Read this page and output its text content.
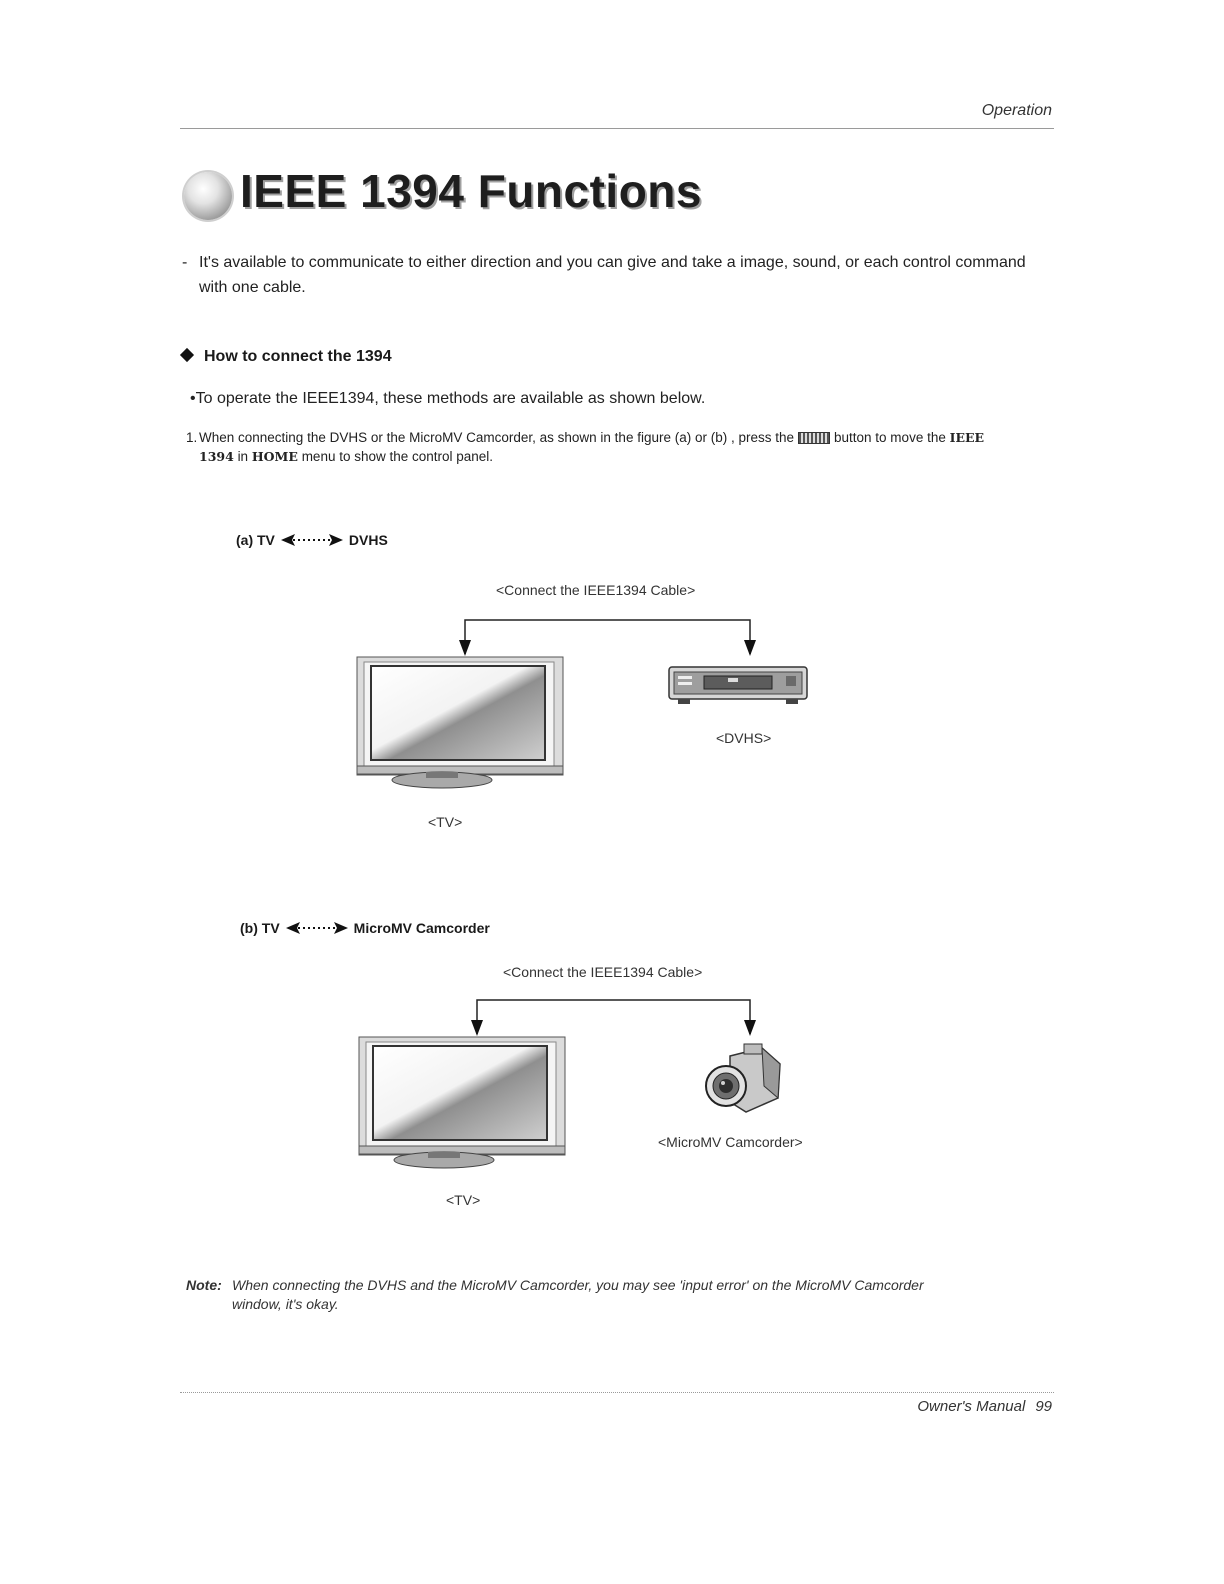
Operation
IEEE 1394 Functions
- It's available to communicate to either direction and you can give and take a image, sound, or each control command with one cable.
How to connect the 1394
•To operate the IEEE1394, these methods are available as shown below.
1. When connecting the DVHS or the MicroMV Camcorder, as shown in the figure (a) or (b) , press the	button to move the IEEE 1394 in HOME menu to show the control panel.
(a) TV	DVHS
<Connect the IEEE1394 Cable>
<TV>
<DVHS>
(b) TV	MicroMV Camcorder
<Connect the IEEE1394 Cable>
<TV>
<MicroMV Camcorder>
Note: When connecting the DVHS and the MicroMV Camcorder, you may see 'input error' on the MicroMV Camcorder window, it's okay.
Owner's Manual 99
